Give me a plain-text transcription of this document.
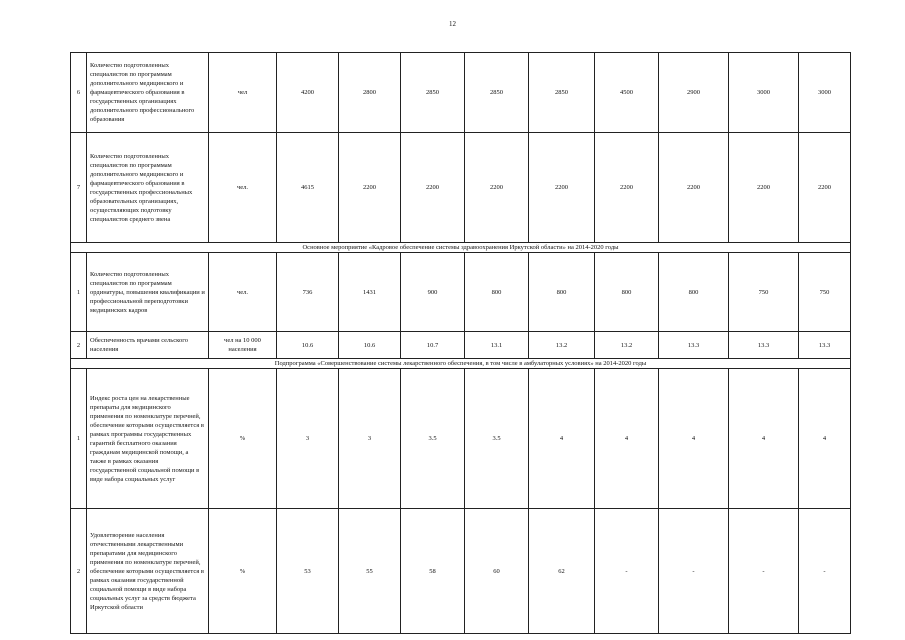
12
6	Количество подготовленных специалистов по программам дополнительного медицинского и фармацевтического образования в государственных организациях дополнительного профессионального образования	чел	4200	2800	2850	2850	2850	4500	2900	3000	3000
7	Количество подготовленных специалистов по программам дополнительного медицинского и фармацевтического образования в государственных профессиональных образовательных организациях, осуществляющих подготовку специалистов среднего звена	чел.	4615	2200	2200	2200	2200	2200	2200	2200	2200
Основное мероприятие «Кадровое обеспечение системы здравоохранения Иркутской области» на 2014-2020 годы											
1	Количество подготовленных специалистов по программам ординатуры, повышения квалификации и профессиональной переподготовки медицинских кадров	чел.	736	1431	900	800	800	800	800	750	750
2	Обеспеченность врачами сельского населения	чел на 10 000 населения	10.6	10.6	10.7	13.1	13.2	13.2	13.3	13.3	13.3
Подпрограмма «Совершенствование системы лекарственного обеспечения, в том числе в амбулаторных условиях» на 2014-2020 годы											
1	Индекс роста цен на лекарственные препараты для медицинского применения по номенклатуре перечней, обеспечение которыми осуществляется в рамках программы государственных гарантий бесплатного оказания гражданам медицинской помощи, а также в рамках оказания государственной социальной помощи в виде набора социальных услуг	%	3	3	3.5	3.5	4	4	4	4	4
2	Удовлетворение населения отечественными лекарственными препаратами для медицинского применения по номенклатуре перечней, обеспечение которыми осуществляется в рамках оказания государственной социальной помощи в виде набора социальных услуг за средств бюджета Иркутской области	%	53	55	58	60	62	-	-	-	-
